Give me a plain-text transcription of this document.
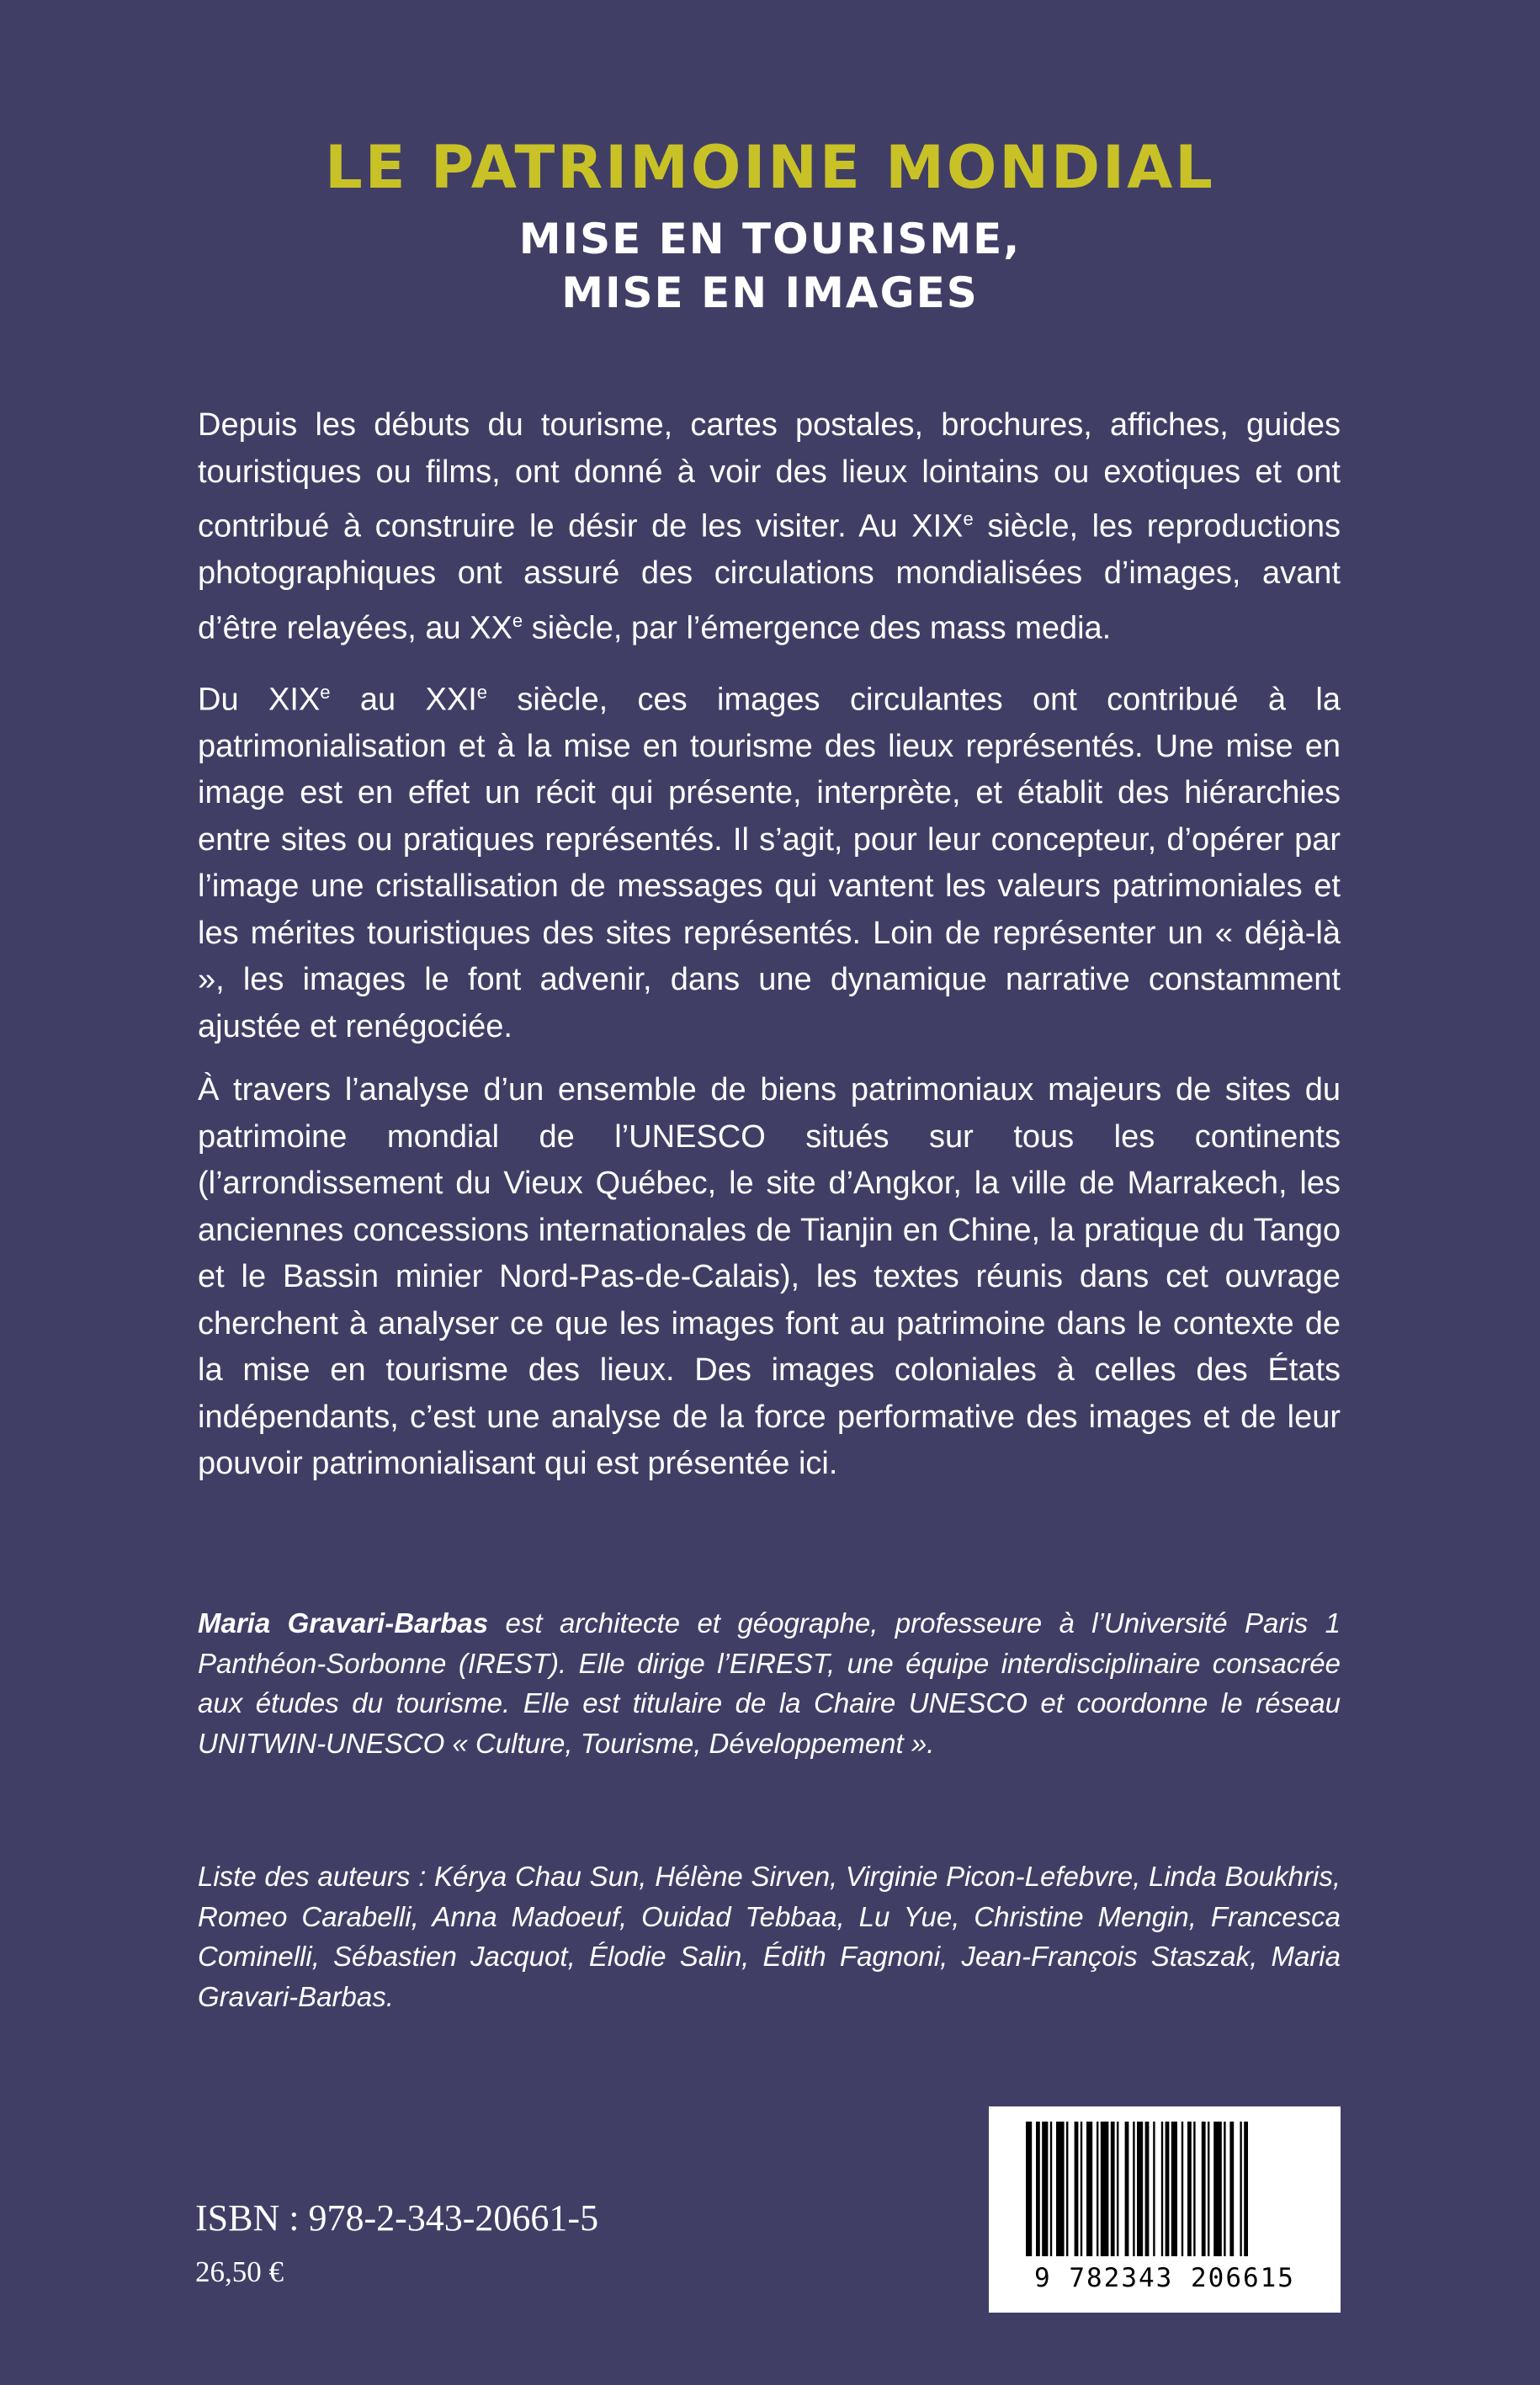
LE PATRIMOINE MONDIAL
MISE EN TOURISME,
MISE EN IMAGES

Depuis les débuts du tourisme, cartes postales, brochures, affiches, guides touristiques ou films, ont donné à voir des lieux lointains ou exotiques et ont contribué à construire le désir de les visiter. Au XIXe siècle, les reproductions photographiques ont assuré des circulations mondialisées d’images, avant d’être relayées, au XXe siècle, par l’émergence des mass media.

Du XIXe au XXIe siècle, ces images circulantes ont contribué à la patrimonialisation et à la mise en tourisme des lieux représentés. Une mise en image est en effet un récit qui présente, interprète, et établit des hiérarchies entre sites ou pratiques représentés. Il s’agit, pour leur concepteur, d’opérer par l’image une cristallisation de messages qui vantent les valeurs patrimoniales et les mérites touristiques des sites représentés. Loin de représenter un « déjà-là », les images le font advenir, dans une dynamique narrative constamment ajustée et renégociée.

À travers l’analyse d’un ensemble de biens patrimoniaux majeurs de sites du patrimoine mondial de l’UNESCO situés sur tous les continents (l’arrondissement du Vieux Québec, le site d’Angkor, la ville de Marrakech, les anciennes concessions internationales de Tianjin en Chine, la pratique du Tango et le Bassin minier Nord-Pas-de-Calais), les textes réunis dans cet ouvrage cherchent à analyser ce que les images font au patrimoine dans le contexte de la mise en tourisme des lieux. Des images coloniales à celles des États indépendants, c’est une analyse de la force performative des images et de leur pouvoir patrimonialisant qui est présentée ici.

Maria Gravari-Barbas est architecte et géographe, professeure à l’Université Paris 1 Panthéon-Sorbonne (IREST). Elle dirige l’EIREST, une équipe interdisciplinaire consacrée aux études du tourisme. Elle est titulaire de la Chaire UNESCO et coordonne le réseau UNITWIN-UNESCO « Culture, Tourisme, Développement ».

Liste des auteurs : Kérya Chau Sun, Hélène Sirven, Virginie Picon-Lefebvre, Linda Boukhris, Romeo Carabelli, Anna Madoeuf, Ouidad Tebbaa, Lu Yue, Christine Mengin, Francesca Cominelli, Sébastien Jacquot, Élodie Salin, Édith Fagnoni, Jean-François Staszak, Maria Gravari-Barbas.

ISBN : 978-2-343-20661-5

26,50 €	9 782343 206615
